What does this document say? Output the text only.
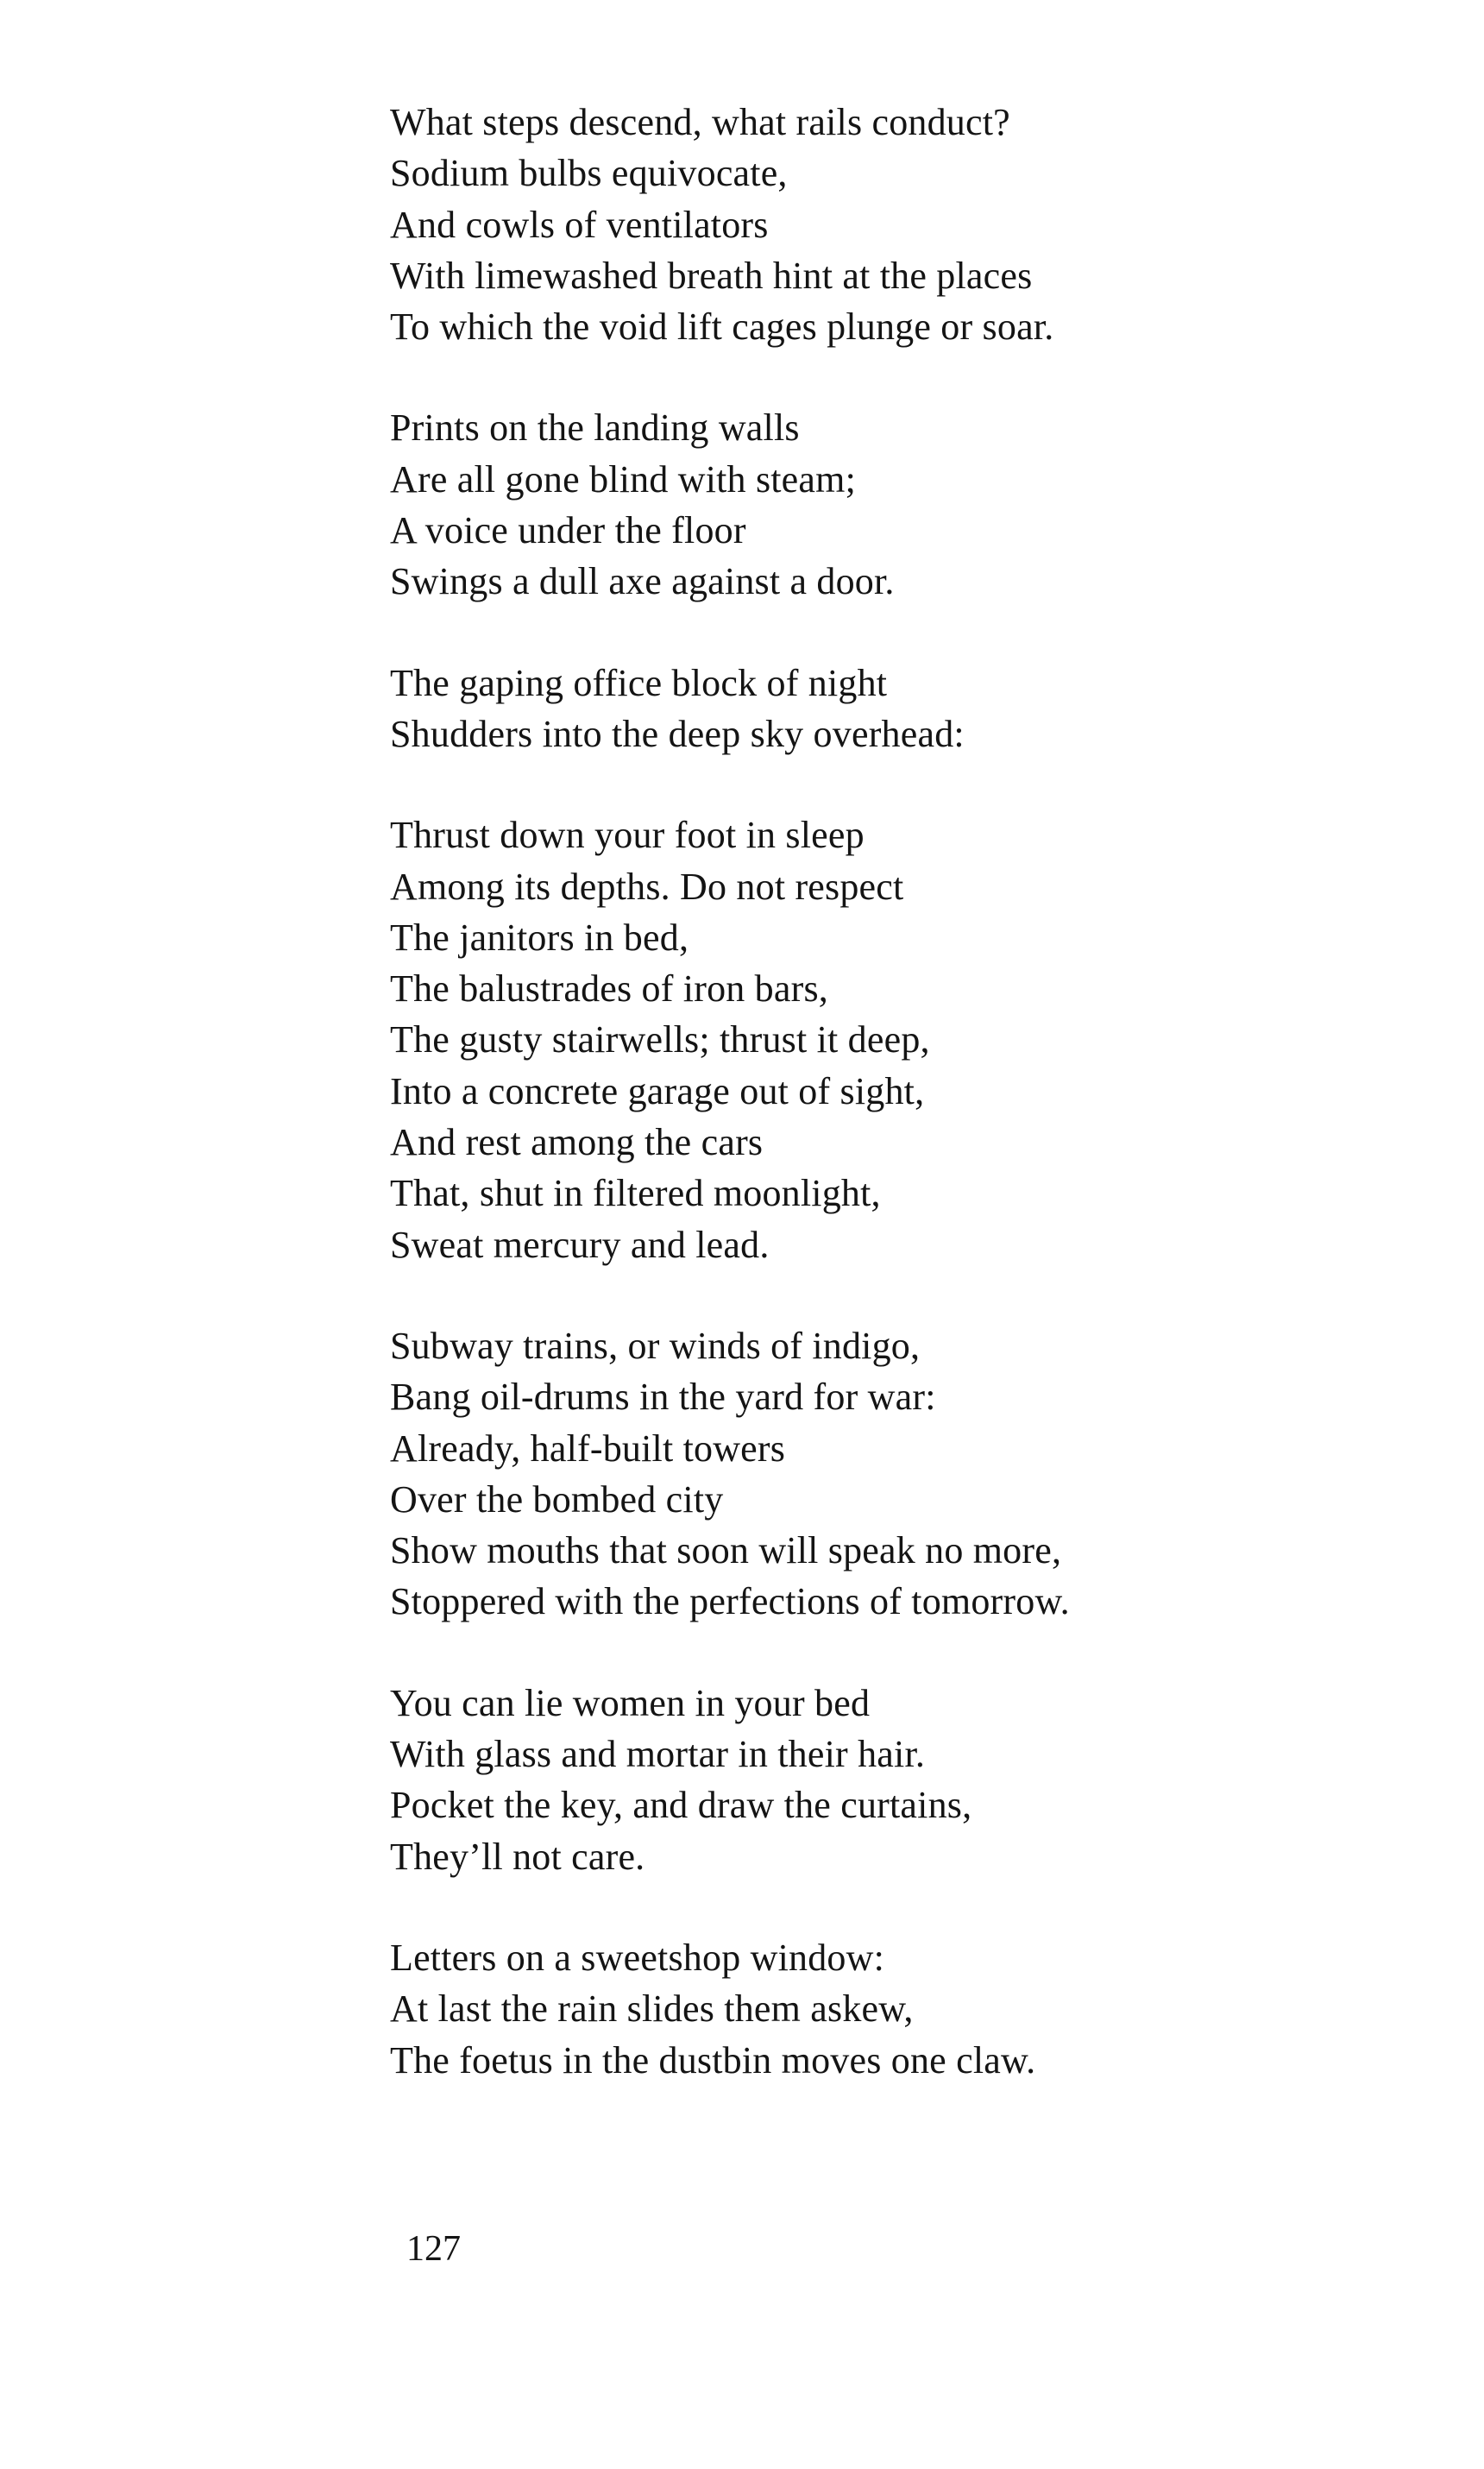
What steps descend, what rails conduct?
Sodium bulbs equivocate,
And cowls of ventilators
With limewashed breath hint at the places
To which the void lift cages plunge or soar.
Prints on the landing walls
Are all gone blind with steam;
A voice under the floor
Swings a dull axe against a door.
The gaping office block of night
Shudders into the deep sky overhead:
Thrust down your foot in sleep
Among its depths. Do not respect
The janitors in bed,
The balustrades of iron bars,
The gusty stairwells; thrust it deep,
Into a concrete garage out of sight,
And rest among the cars
That, shut in filtered moonlight,
Sweat mercury and lead.
Subway trains, or winds of indigo,
Bang oil-drums in the yard for war:
Already, half-built towers
Over the bombed city
Show mouths that soon will speak no more,
Stoppered with the perfections of tomorrow.
You can lie women in your bed
With glass and mortar in their hair.
Pocket the key, and draw the curtains,
They’ll not care.
Letters on a sweetshop window:
At last the rain slides them askew,
The foetus in the dustbin moves one claw.
127
